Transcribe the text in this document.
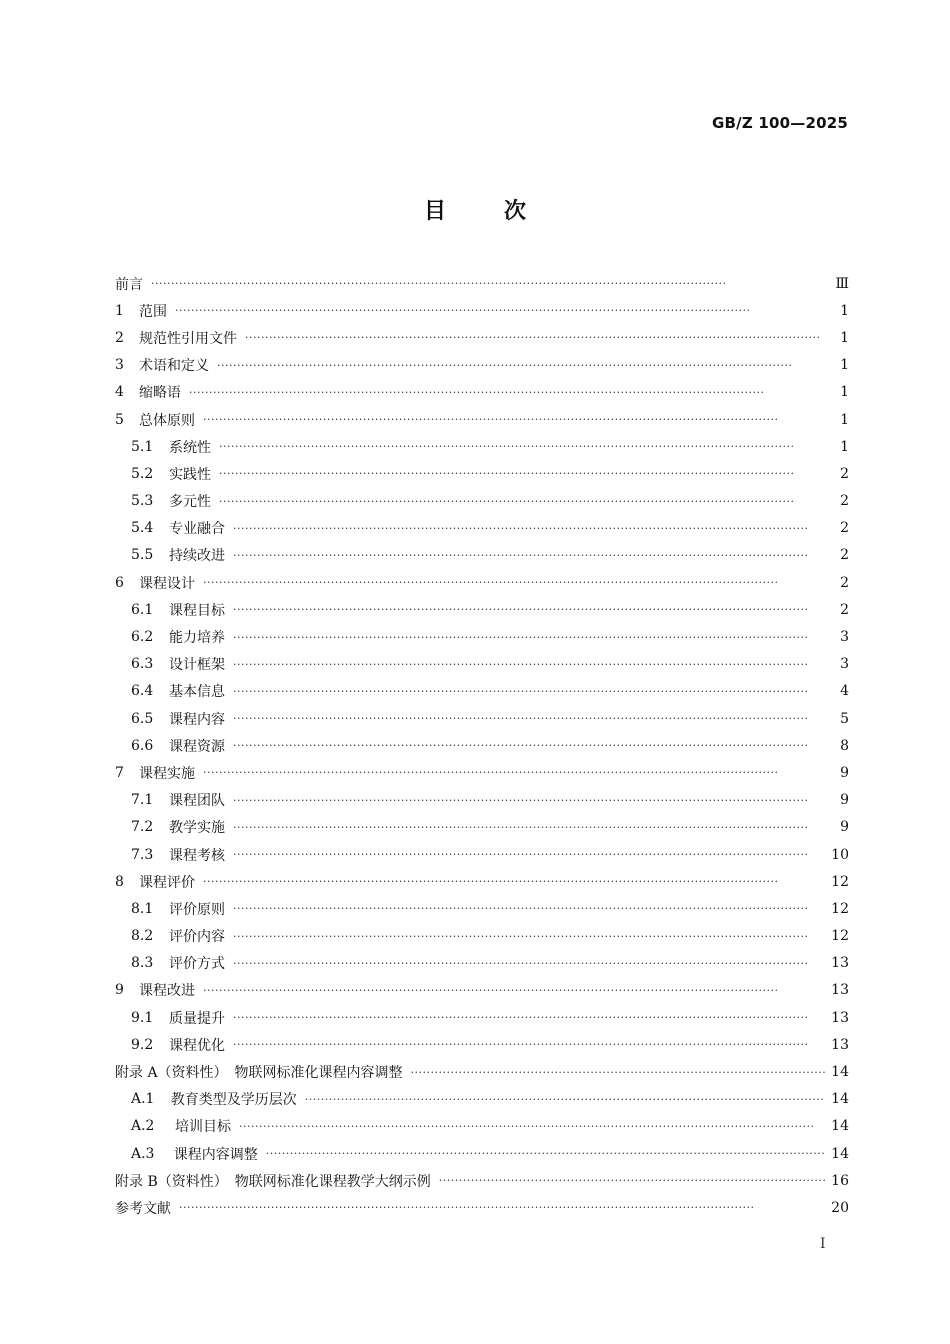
GB/Z 100—2025
目	次
前言 ·····	Ⅲ
1	范围 ·····	1
2	规范性引用文件 ·····	1
3	术语和定义 ·····	1
4	缩略语 ·····	1
5	总体原则 ·····	1
5.1	系统性 ·····	1
5.2	实践性 ·····	2
5.3	多元性 ·····	2
5.4	专业融合 ·····	2
5.5	持续改进 ·····	2
6	课程设计 ·····	2
6.1	课程目标 ·····	2
6.2	能力培养 ·····	3
6.3	设计框架 ·····	3
6.4	基本信息 ·····	4
6.5	课程内容 ·····	5
6.6	课程资源 ·····	8
7	课程实施 ·····	9
7.1	课程团队 ·····	9
7.2	教学实施 ·····	9
7.3	课程考核 ·····	10
8	课程评价 ·····	12
8.1	评价原则 ·····	12
8.2	评价内容 ·····	12
8.3	评价方式 ·····	13
9	课程改进 ·····	13
9.1	质量提升 ·····	13
9.2	课程优化 ·····	13
附录 A（资料性）　物联网标准化课程内容调整 ·····	14
A.1	教育类型及学历层次 ·····	14
A.2	培训目标 ·····	14
A.3	课程内容调整 ·····	14
附录 B（资料性）　物联网标准化课程教学大纲示例 ·····	16
参考文献 ·····	20
Ⅰ
